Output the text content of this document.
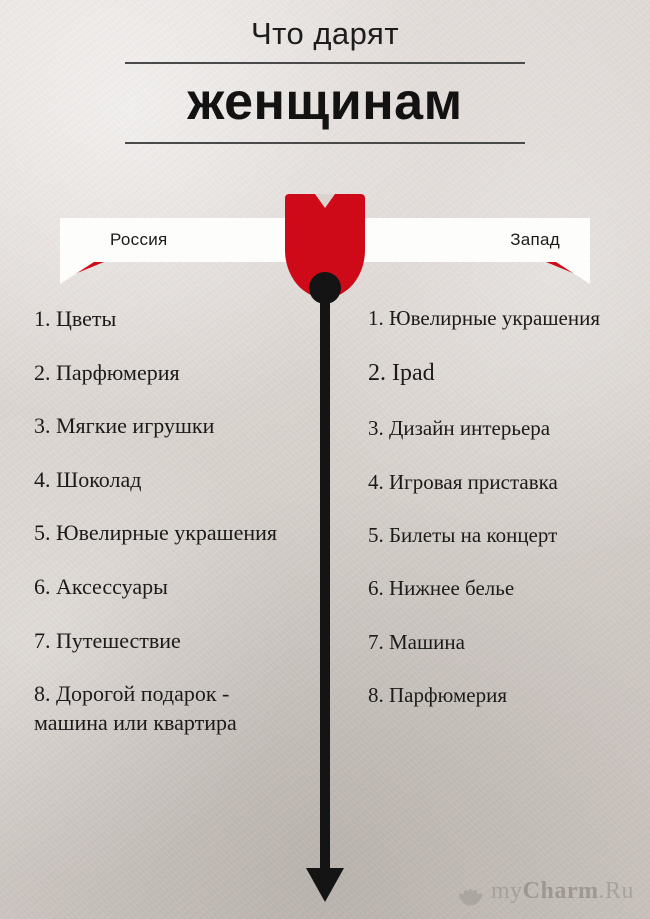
Что дарят
женщинам
Россия	Запад
1. Цветы
2. Парфюмерия
3. Мягкие игрушки
4. Шоколад
5. Ювелирные украшения
6. Аксессуары
7. Путешествие
8. Дорогой подарок - машина или квартира
1. Ювелирные украшения
2. Ipad
3. Дизайн интерьера
4. Игровая приставка
5. Билеты на концерт
6. Нижнее белье
7. Машина
8. Парфюмерия
myCharm.Ru
